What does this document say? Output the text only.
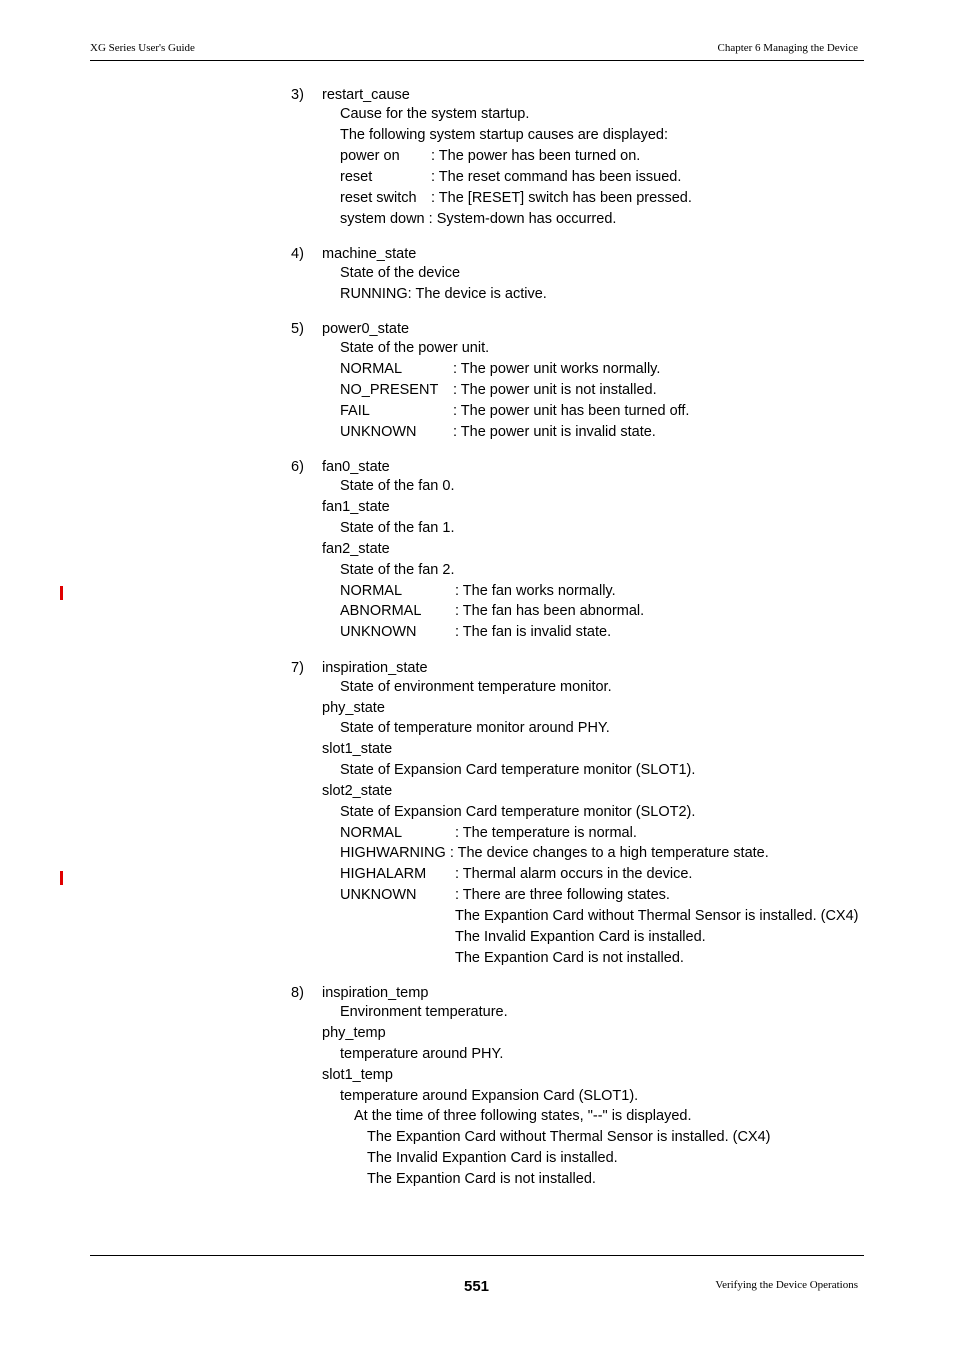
XG Series User's Guide	Chapter 6 Managing the Device
3) restart_cause
Cause for the system startup.
The following system startup causes are displayed:
power on : The power has been turned on.
reset	: The reset command has been issued.
reset switch : The [RESET] switch has been pressed.
system down : System-down has occurred.
4) machine_state
State of the device
RUNNING: The device is active.
5) power0_state
State of the power unit.
NORMAL	: The power unit works normally.
NO_PRESENT : The power unit is not installed.
FAIL	: The power unit has been turned off.
UNKNOWN	: The power unit is invalid state.
6) fan0_state
State of the fan 0.
fan1_state
State of the fan 1.
fan2_state
State of the fan 2.
NORMAL	: The fan works normally.
ABNORMAL : The fan has been abnormal.
UNKNOWN	: The fan is invalid state.
7) inspiration_state
State of environment temperature monitor.
phy_state
State of temperature monitor around PHY.
slot1_state
State of Expansion Card temperature monitor (SLOT1).
slot2_state
State of Expansion Card temperature monitor (SLOT2).
NORMAL	: The temperature is normal.
HIGHWARNING : The device changes to a high temperature state.
HIGHALARM : Thermal alarm occurs in the device.
UNKNOWN	: There are three following states.
The Expantion Card without Thermal Sensor is installed. (CX4)
The Invalid Expantion Card is installed.
The Expantion Card is not installed.
8) inspiration_temp
Environment temperature.
phy_temp
temperature around PHY.
slot1_temp
temperature around Expansion Card (SLOT1).
At the time of three following states, "--" is displayed.
The Expantion Card without Thermal Sensor is installed. (CX4)
The Invalid Expantion Card is installed.
The Expantion Card is not installed.
551	Verifying the Device Operations
